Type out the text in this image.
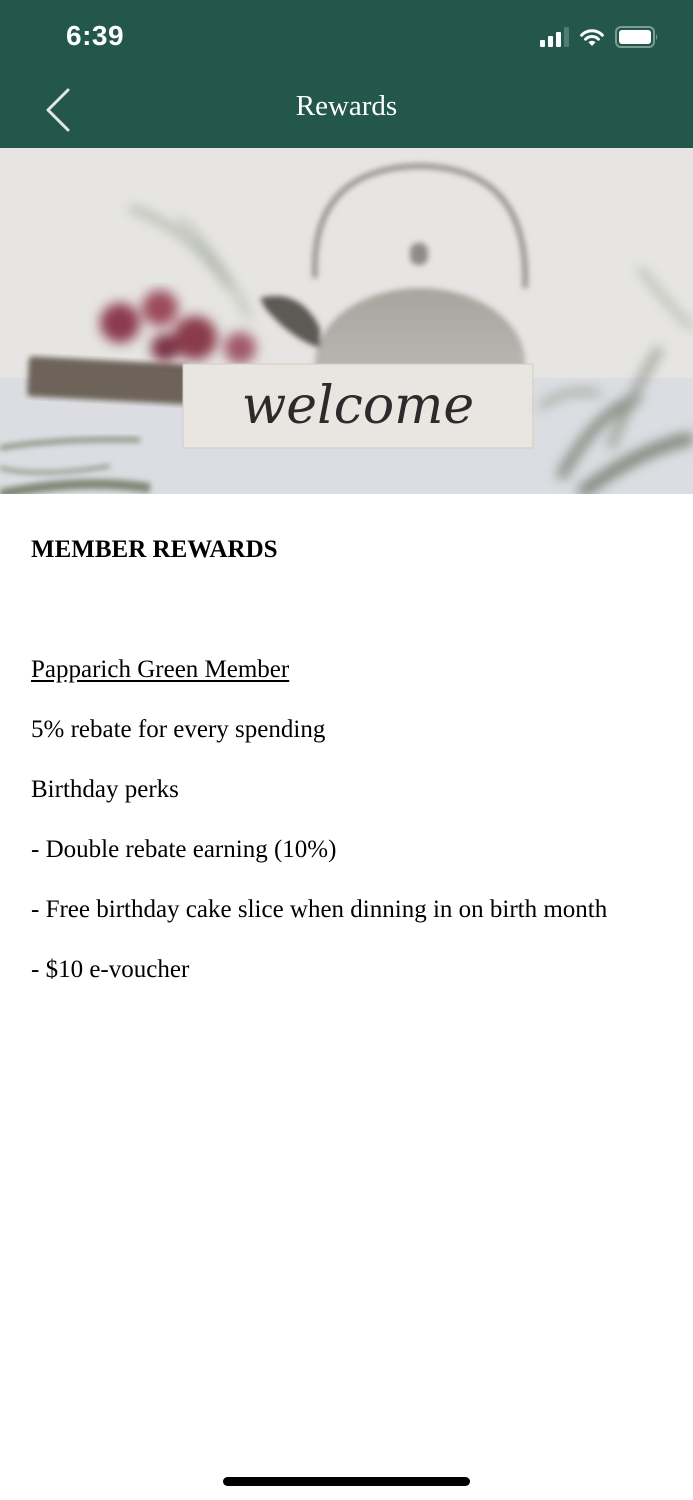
6:39
Rewards
welcome
MEMBER REWARDS
Papparich Green Member
5% rebate for every spending
Birthday perks
- Double rebate earning (10%)
- Free birthday cake slice when dinning in on birth month
- $10 e-voucher
